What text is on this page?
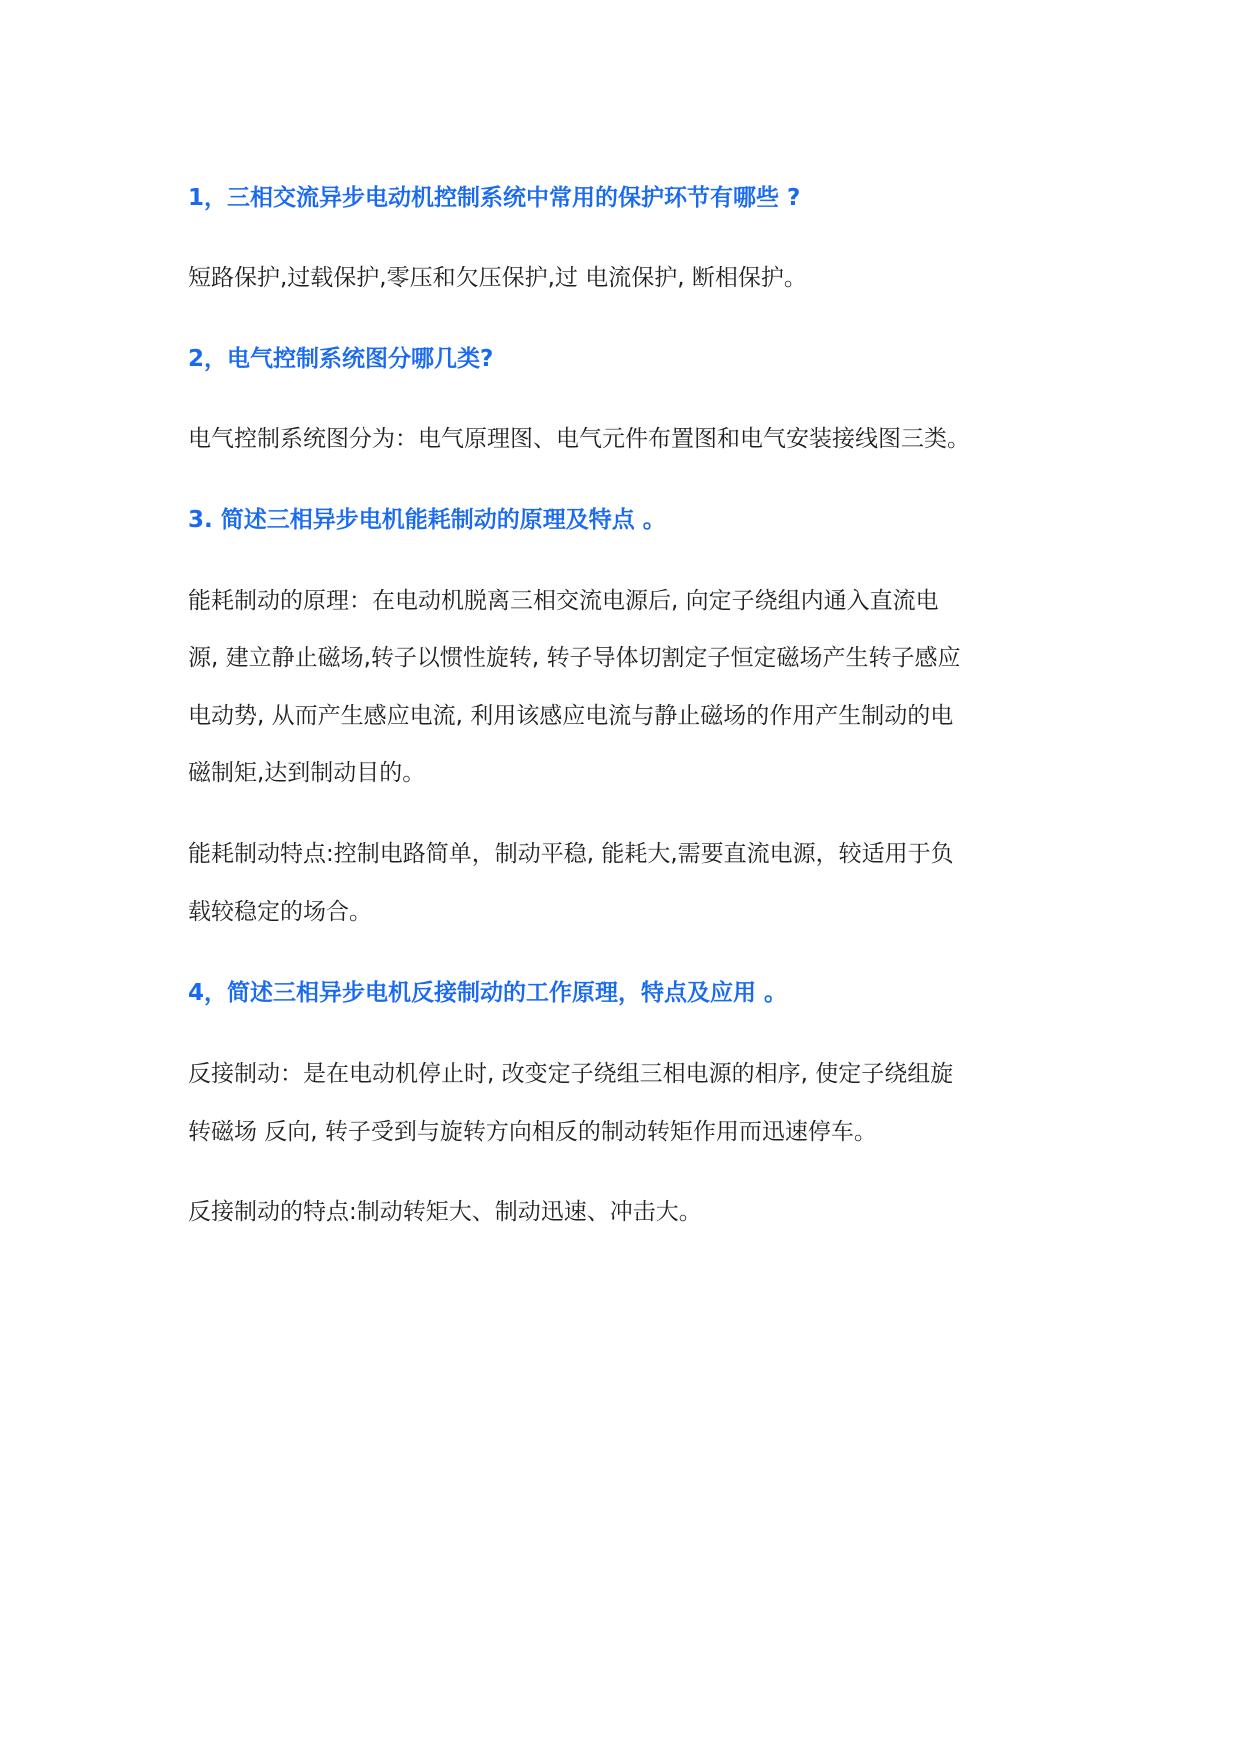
1，三相交流异步电动机控制系统中常用的保护环节有哪些 ?
短路保护,过载保护,零压和欠压保护,过 电流保护, 断相保护。
2，电气控制系统图分哪几类?
电气控制系统图分为：电气原理图、电气元件布置图和电气安装接线图三类。
3. 简述三相异步电机能耗制动的原理及特点 。
能耗制动的原理：在电动机脱离三相交流电源后, 向定子绕组内通入直流电
源, 建立静止磁场,转子以惯性旋转, 转子导体切割定子恒定磁场产生转子感应
电动势, 从而产生感应电流, 利用该感应电流与静止磁场的作用产生制动的电
磁制矩,达到制动目的。
能耗制动特点:控制电路简单，制动平稳, 能耗大,需要直流电源，较适用于负
载较稳定的场合。
4，简述三相异步电机反接制动的工作原理，特点及应用 。
反接制动：是在电动机停止时, 改变定子绕组三相电源的相序, 使定子绕组旋
转磁场 反向, 转子受到与旋转方向相反的制动转矩作用而迅速停车。
反接制动的特点:制动转矩大、制动迅速、冲击大。
